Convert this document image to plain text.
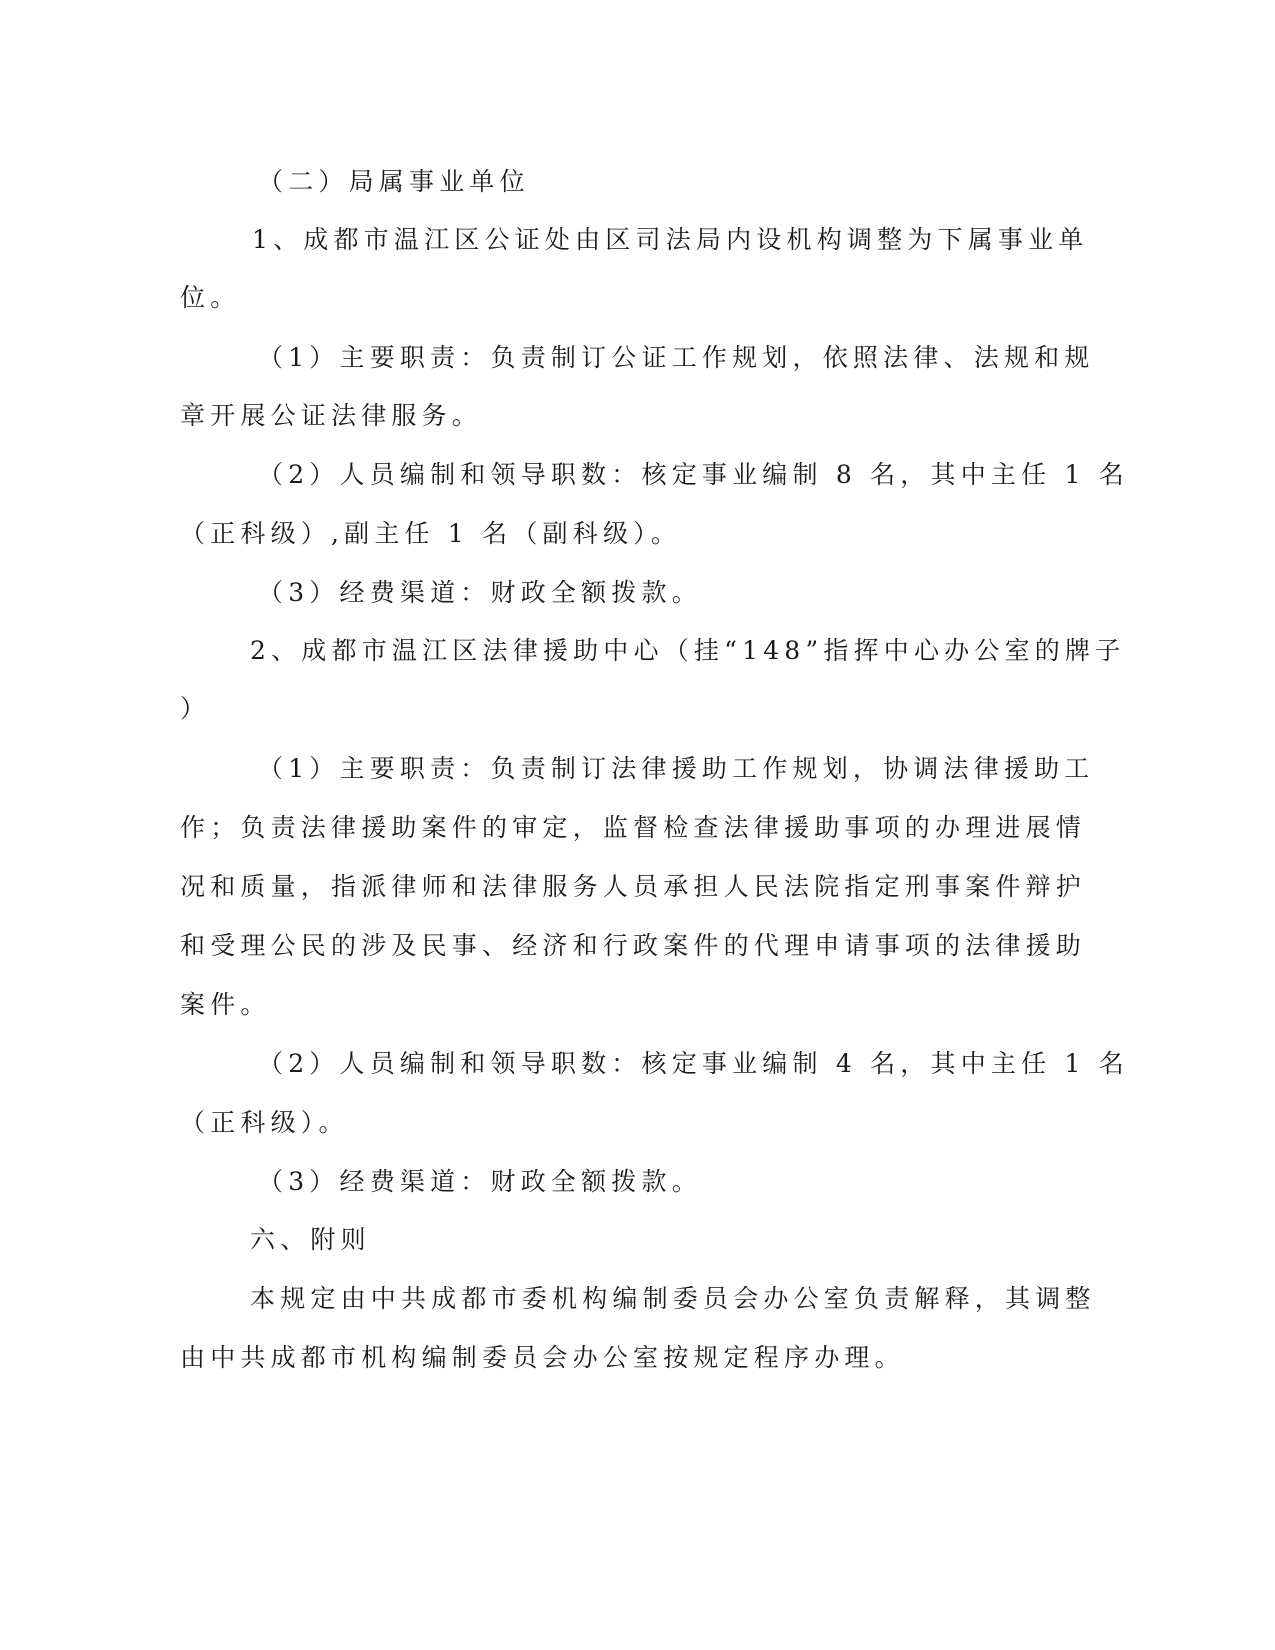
（二）局属事业单位
1、成都市温江区公证处由区司法局内设机构调整为下属事业单
位。
（1）主要职责：负责制订公证工作规划，依照法律、法规和规
章开展公证法律服务。
（2）人员编制和领导职数：核定事业编制 8 名，其中主任 1 名
（正科级）,副主任 1 名（副科级）。
（3）经费渠道：财政全额拨款。
2、成都市温江区法律援助中心（挂“148”指挥中心办公室的牌子
）
（1）主要职责：负责制订法律援助工作规划，协调法律援助工
作；负责法律援助案件的审定，监督检查法律援助事项的办理进展情
况和质量，指派律师和法律服务人员承担人民法院指定刑事案件辩护
和受理公民的涉及民事、经济和行政案件的代理申请事项的法律援助
案件。
（2）人员编制和领导职数：核定事业编制 4 名，其中主任 1 名
（正科级）。
（3）经费渠道：财政全额拨款。
六、附则
本规定由中共成都市委机构编制委员会办公室负责解释，其调整
由中共成都市机构编制委员会办公室按规定程序办理。
